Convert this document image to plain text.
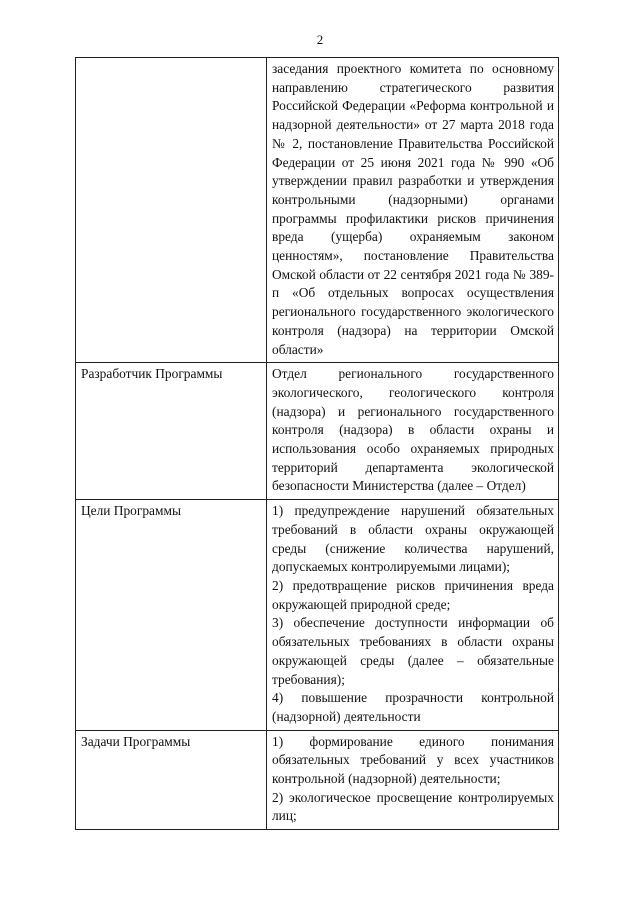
2

	заседания проектного комитета по основному направлению стратегического развития Российской Федерации «Реформа контрольной и надзорной деятельности» от 27 марта 2018 года № 2, постановление Правительства Российской Федерации от 25 июня 2021 года № 990 «Об утверждении правил разработки и утверждения контрольными (надзорными) органами программы профилактики рисков причинения вреда (ущерба) охраняемым законом ценностям», постановление Правительства Омской области от 22 сентября 2021 года № 389-п «Об отдельных вопросах осуществления регионального государственного экологического контроля (надзора) на территории Омской области»

Разработчик Программы	Отдел регионального государственного экологического, геологического контроля (надзора) и регионального государственного контроля (надзора) в области охраны и использования особо охраняемых природных территорий департамента экологической безопасности Министерства (далее – Отдел)

Цели Программы	1) предупреждение нарушений обязательных требований в области охраны окружающей среды (снижение количества нарушений, допускаемых контролируемыми лицами);
2) предотвращение рисков причинения вреда окружающей природной среде;
3) обеспечение доступности информации об обязательных требованиях в области охраны окружающей среды (далее – обязательные требования);
4) повышение прозрачности контрольной (надзорной) деятельности

Задачи Программы	1) формирование единого понимания обязательных требований у всех участников контрольной (надзорной) деятельности;
2) экологическое просвещение контролируемых лиц;
